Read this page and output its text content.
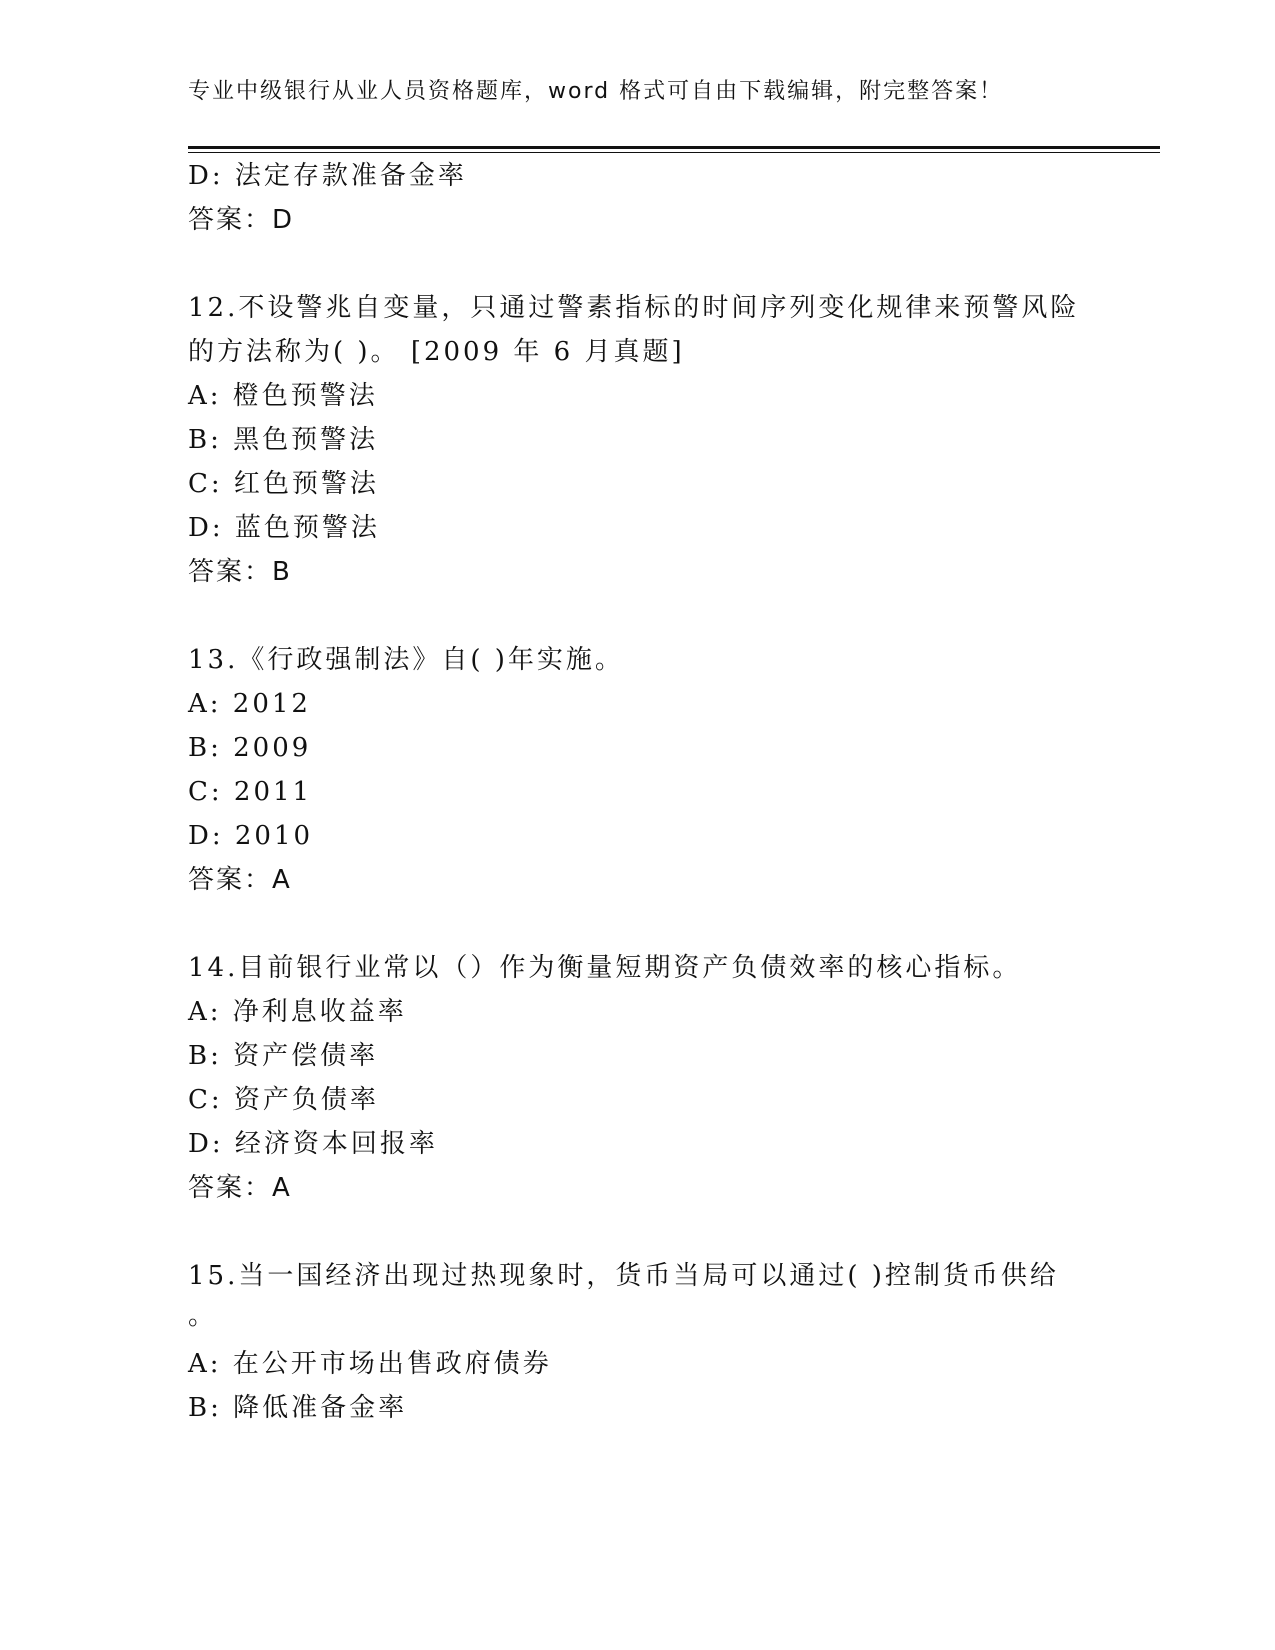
专业中级银行从业人员资格题库，word 格式可自由下载编辑，附完整答案！
D: 法定存款准备金率
答案：D
12.不设警兆自变量，只通过警素指标的时间序列变化规律来预警风险
的方法称为( )。 [2009 年 6 月真题]
A: 橙色预警法
B: 黑色预警法
C: 红色预警法
D: 蓝色预警法
答案：B
13.《行政强制法》自( )年实施。
A: 2012
B: 2009
C: 2011
D: 2010
答案：A
14.目前银行业常以（）作为衡量短期资产负债效率的核心指标。
A: 净利息收益率
B: 资产偿债率
C: 资产负债率
D: 经济资本回报率
答案：A
15.当一国经济出现过热现象时，货币当局可以通过( )控制货币供给
。
A: 在公开市场出售政府债券
B: 降低准备金率
